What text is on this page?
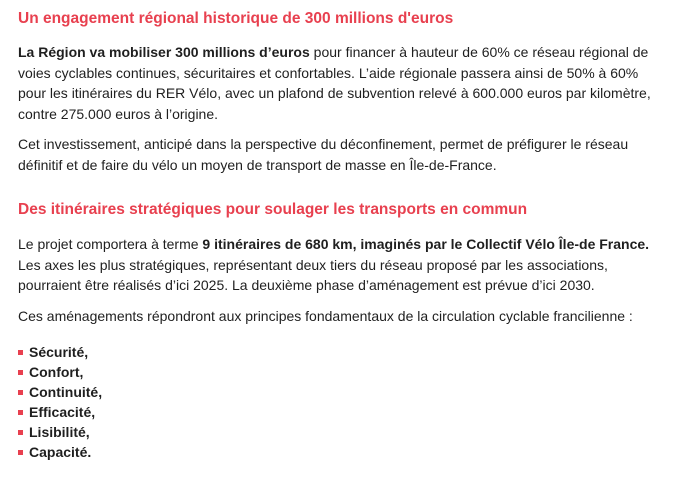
Un engagement régional historique de 300 millions d'euros

La Région va mobiliser 300 millions d’euros pour financer à hauteur de 60% ce réseau régional de voies cyclables continues, sécuritaires et confortables. L’aide régionale passera ainsi de 50% à 60% pour les itinéraires du RER Vélo, avec un plafond de subvention relevé à 600.000 euros par kilomètre, contre 275.000 euros à l’origine.

Cet investissement, anticipé dans la perspective du déconfinement, permet de préfigurer le réseau définitif et de faire du vélo un moyen de transport de masse en Île-de-France.

Des itinéraires stratégiques pour soulager les transports en commun

Le projet comportera à terme 9 itinéraires de 680 km, imaginés par le Collectif Vélo Île-de France. Les axes les plus stratégiques, représentant deux tiers du réseau proposé par les associations, pourraient être réalisés d’ici 2025. La deuxième phase d’aménagement est prévue d’ici 2030.

Ces aménagements répondront aux principes fondamentaux de la circulation cyclable francilienne :

Sécurité,
Confort,
Continuité,
Efficacité,
Lisibilité,
Capacité.
